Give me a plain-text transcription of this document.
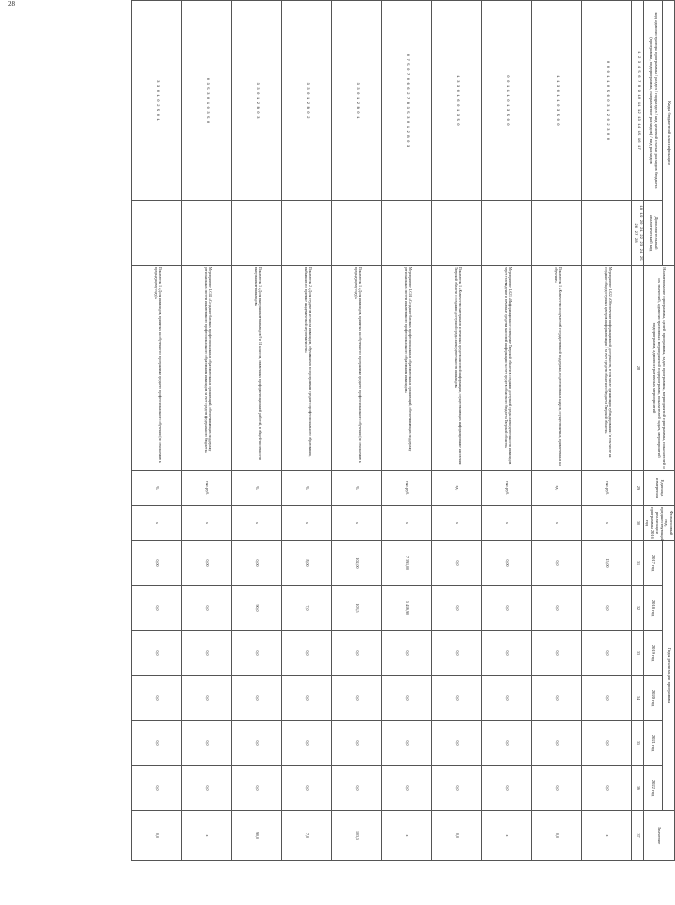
28
Коды бюджетной классификации		Наименование программы, целей программы, задач программы, мероприятий программы, показателей и их значений, административных мероприятий подпрограмм, показателей задач, мероприятий подпрограмм, административных мероприятий	Единица измерения	Финансовый год, предшествующий реализации программы 2016 год	Годы реализации программы						Значение
код администратора программы / раздел / подраздел / код целевой статьи расходов бюджета (программа, подпрограмма, направление расходов) / вид расходов	Дополнительный аналитический код				2017 год	2018 год	2019 год	2020 год	2021 год	2022 год	
1 2 3 4 5 6 7 8 9 10 11 12 13 14 15 16 17	18 19 20 21 22 23 24 25 26 27 28	28	29	30	31	32	33	34	35	36	37
0 0 0 1 1 0 5 6 0 3 1 2 0 2 3 0 0		Мероприятие 1.022 «Обеспечение информационной доступности, в том числе организация субсидирования / в том числе на создание общедоступных центров информатизации / за счет средств областного бюджета Тверской области»	тыс.руб.	х	15,00	0,0	0,0	0,0	0,0	0,0	х
1 1 3 0 1 1 0 3 5 0 0		Показатель 1 «Количество получателей государственной поддержки, подготовленных кадров, осуществляемых, привлеченных на обучение»	ед.	х	0,0	0,0	0,0	0,0	0,0	0,0	0,0
0 0 1 1 1 0 1 3 5 0 0		Мероприятие 1.023 «Информационное освещение Тверской области в создании доступной среды жизнедеятельности инвалидов через телевидение и печатные средства массовой информации за счет средств областного бюджета Тверской области»	тыс.руб.	х	0,00	0,0	0,0	0,0	0,0	0,0	х
1 3 3 0 1 6 0 1 3 5 0		Показатель 1 «Количество материалов и печатных средств массовой информации, осуществляющих информирование населения Тверской области о создании доступной среды жизнедеятельности инвалидов»	ед.	х	0,0	0,0	0,0	0,0	0,0	0,0	0,0
0 7 5 0 7 0 6 6 2 7 8 3 5 3 0 1 2 В 0 3		Мероприятие 1.С01 «Создание базовых профессиональных образовательных организаций, обеспечивающих поддержку региональных систем инклюзивного профессионального образования инвалидов»	тыс.руб.	х	7 391,00	5 416,90	0,0	0,0	0,0	0,0	х
3 3 0 1 2 В 0 1		Показатель 1 «Доля инвалидов, принятых на обучение по программам среднего профессионального обучения (по отношению к предыдущему году)»	%	х	102,00	103,5	0,0	0,0	0,0	0,0	103,5
3 3 0 1 2 В 0 2		Показатель 2 «Доля студентов из числа инвалидов, обучавшихся по программам среднего профессионального образования, выбывших по причине академической неуспеваемости»	%	х	8,00	7,0	0,0	0,0	0,0	0,0	7,0
3 3 0 1 2 В 0 3		Показатель 3 «Доля выпускников-инвалидов 9 и 11 классов, охваченных профориентационной работой, в общей численности выпускников-инвалидов»	%	х	0,00	90,0	0,0	0,0	0,0	0,0	90,0
0 3 5 3 0 1 0 3 5 0		Мероприятие 1.С02 «Создание базовых профессиональных образовательных организаций, обеспечивающих поддержку региональных систем инклюзивного профессионального образования инвалидов за счет средств федерального бюджета»	тыс.руб.	х	0,00	0,0	0,0	0,0	0,0	0,0	х
3 3 0 1 0 2 5 0 1		Показатель 1 «Доля инвалидов, принятых на обучение по программам среднего профессионального обучения (по отношению к предыдущему году)»	%	х	0,00	0,0	0,0	0,0	0,0	0,0	0,0
